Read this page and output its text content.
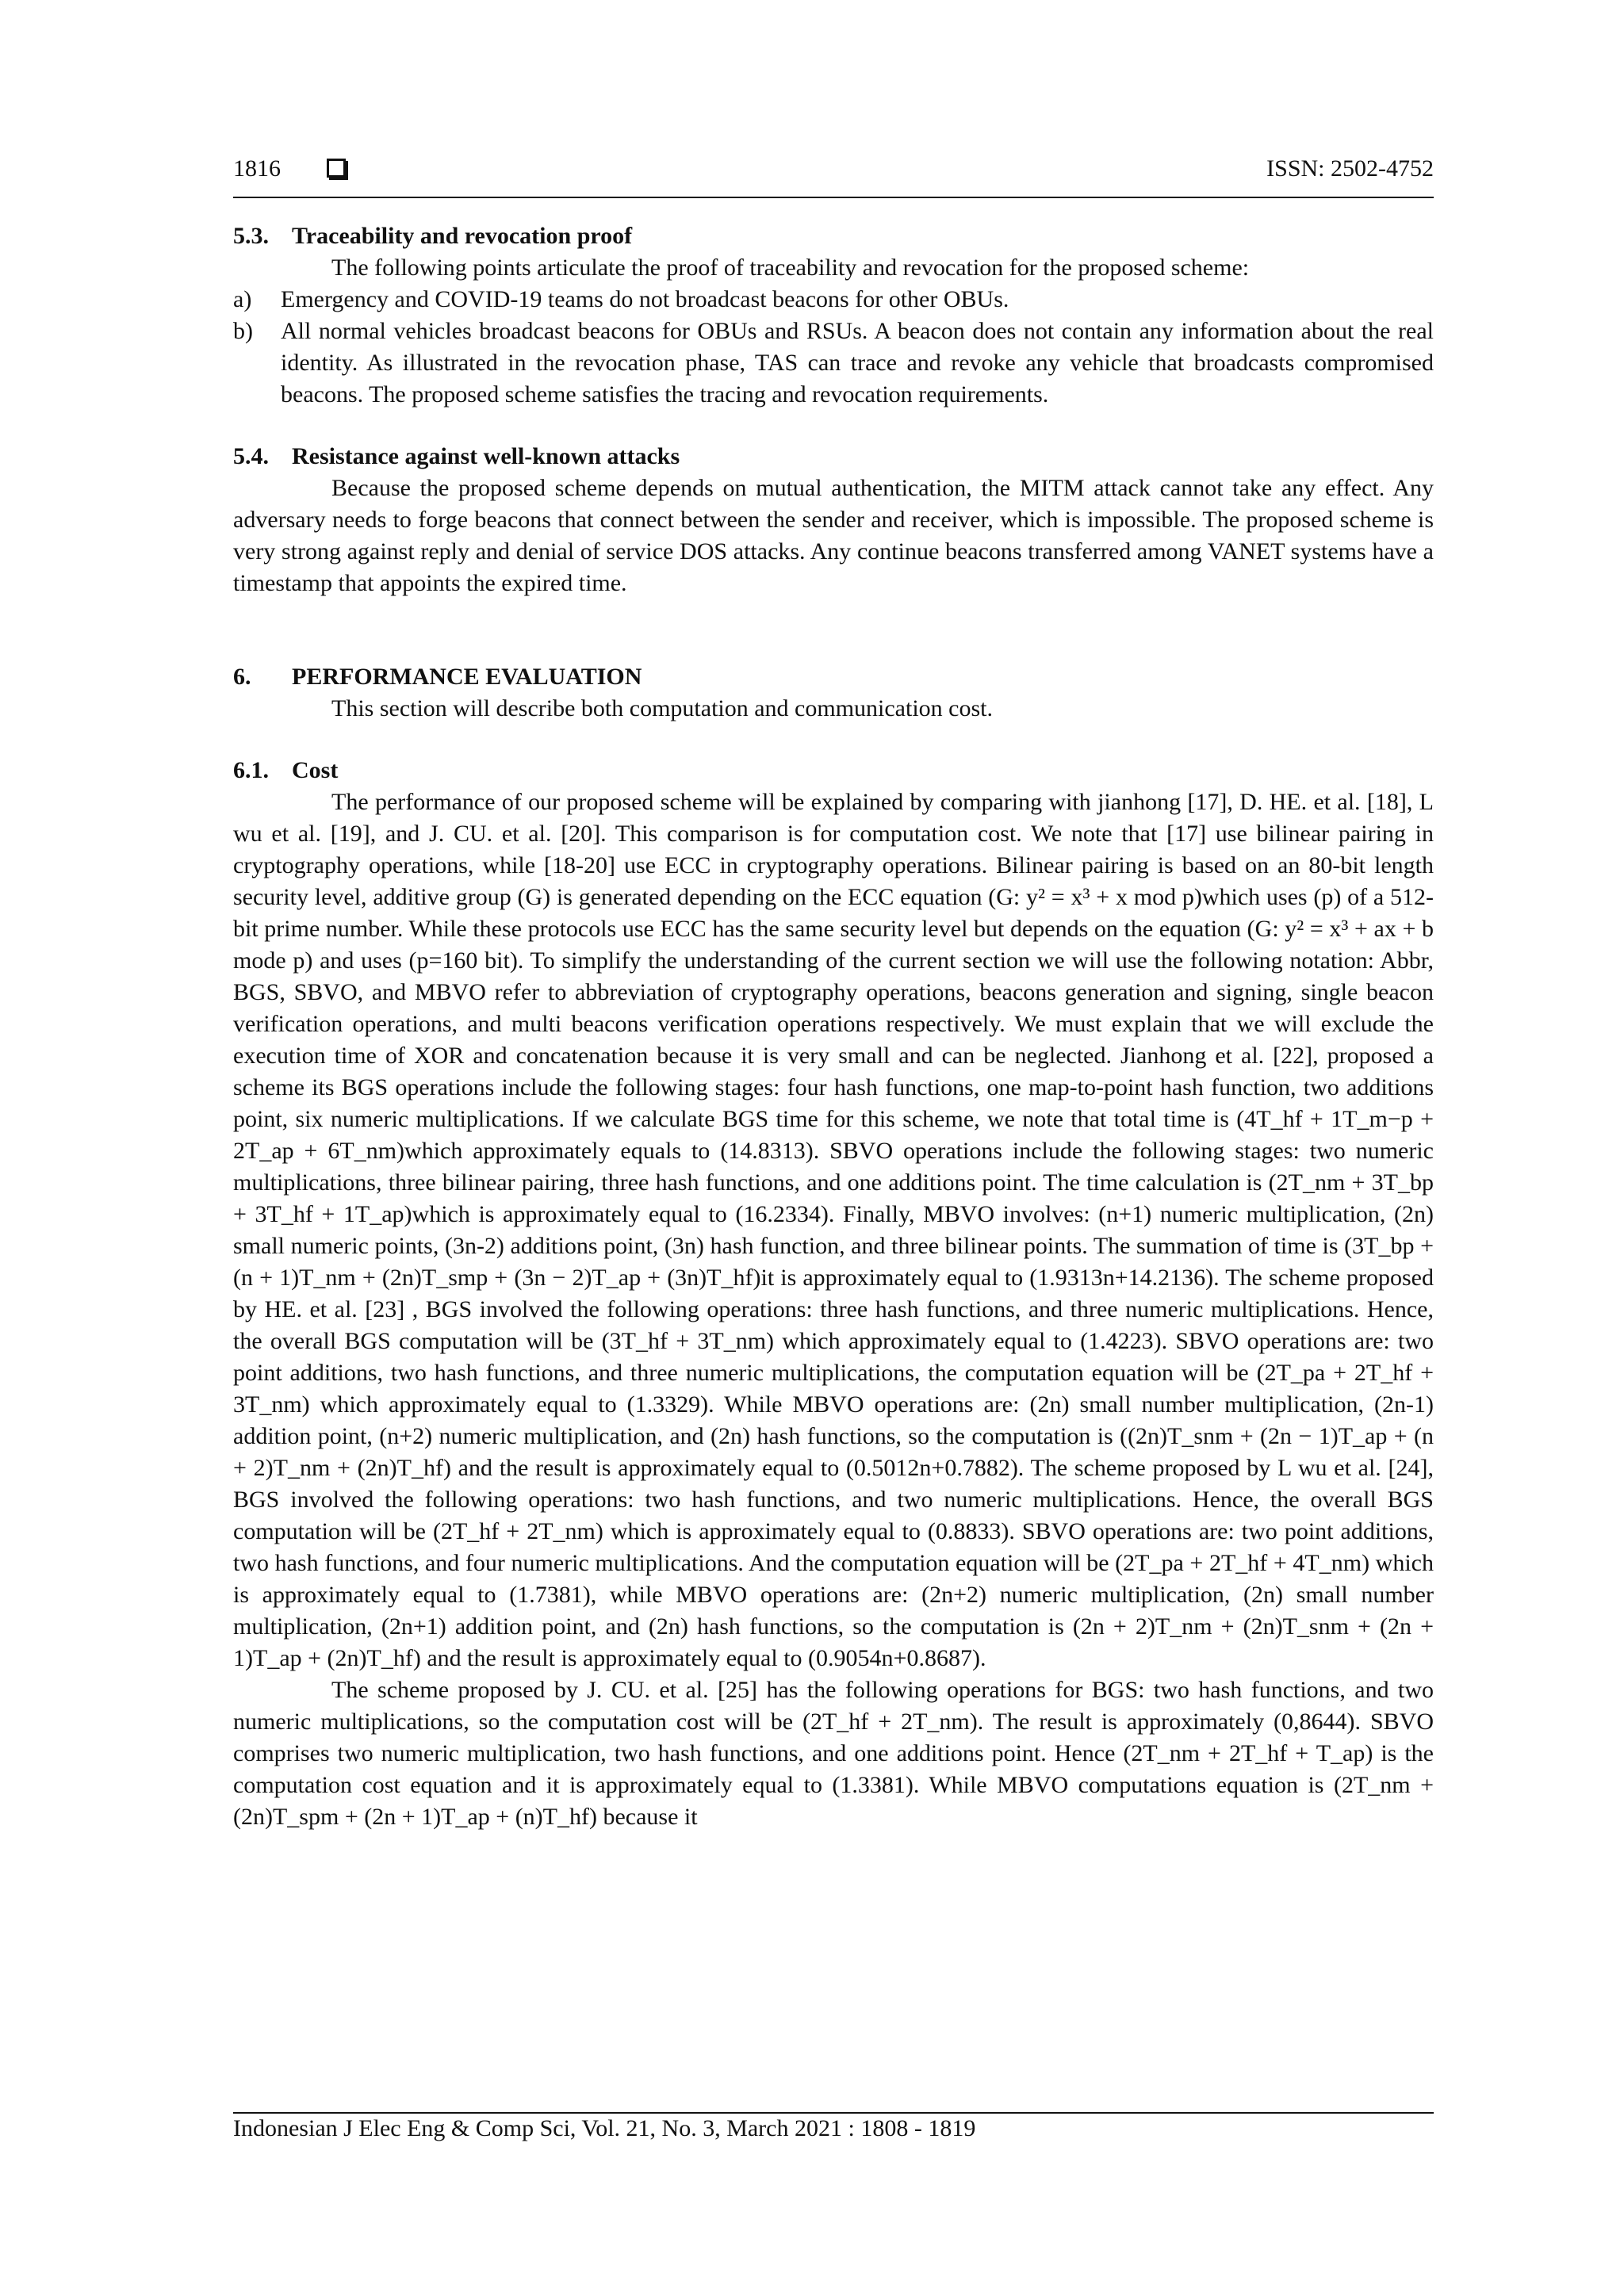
1816	ISSN: 2502-4752

5.3. Traceability and revocation proof

The following points articulate the proof of traceability and revocation for the proposed scheme:

a) Emergency and COVID-19 teams do not broadcast beacons for other OBUs.

b) All normal vehicles broadcast beacons for OBUs and RSUs. A beacon does not contain any information about the real identity. As illustrated in the revocation phase, TAS can trace and revoke any vehicle that broadcasts compromised beacons. The proposed scheme satisfies the tracing and revocation requirements.

5.4. Resistance against well-known attacks

Because the proposed scheme depends on mutual authentication, the MITM attack cannot take any effect. Any adversary needs to forge beacons that connect between the sender and receiver, which is impossible. The proposed scheme is very strong against reply and denial of service DOS attacks. Any continue beacons transferred among VANET systems have a timestamp that appoints the expired time.

6. PERFORMANCE EVALUATION

This section will describe both computation and communication cost.

6.1. Cost

The performance of our proposed scheme will be explained by comparing with jianhong [17], D. HE. et al. [18], L wu et al. [19], and J. CU. et al. [20]. This comparison is for computation cost. We note that [17] use bilinear pairing in cryptography operations, while [18-20] use ECC in cryptography operations. Bilinear pairing is based on an 80-bit length security level, additive group (G) is generated depending on the ECC equation (G: y² = x³ + x mod p)which uses (p) of a 512-bit prime number. While these protocols use ECC has the same security level but depends on the equation (G: y² = x³ + ax + b mode p) and uses (p=160 bit). To simplify the understanding of the current section we will use the following notation: Abbr, BGS, SBVO, and MBVO refer to abbreviation of cryptography operations, beacons generation and signing, single beacon verification operations, and multi beacons verification operations respectively. We must explain that we will exclude the execution time of XOR and concatenation because it is very small and can be neglected. Jianhong et al. [22], proposed a scheme its BGS operations include the following stages: four hash functions, one map-to-point hash function, two additions point, six numeric multiplications. If we calculate BGS time for this scheme, we note that total time is (4T_hf + 1T_m−p + 2T_ap + 6T_nm)which approximately equals to (14.8313). SBVO operations include the following stages: two numeric multiplications, three bilinear pairing, three hash functions, and one additions point. The time calculation is (2T_nm + 3T_bp + 3T_hf + 1T_ap)which is approximately equal to (16.2334). Finally, MBVO involves: (n+1) numeric multiplication, (2n) small numeric points, (3n-2) additions point, (3n) hash function, and three bilinear points. The summation of time is (3T_bp + (n + 1)T_nm + (2n)T_smp + (3n − 2)T_ap + (3n)T_hf)it is approximately equal to (1.9313n+14.2136). The scheme proposed by HE. et al. [23] , BGS involved the following operations: three hash functions, and three numeric multiplications. Hence, the overall BGS computation will be (3T_hf + 3T_nm) which approximately equal to (1.4223). SBVO operations are: two point additions, two hash functions, and three numeric multiplications, the computation equation will be (2T_pa + 2T_hf + 3T_nm) which approximately equal to (1.3329). While MBVO operations are: (2n) small number multiplication, (2n-1) addition point, (n+2) numeric multiplication, and (2n) hash functions, so the computation is ((2n)T_snm + (2n − 1)T_ap + (n + 2)T_nm + (2n)T_hf) and the result is approximately equal to (0.5012n+0.7882). The scheme proposed by L wu et al. [24], BGS involved the following operations: two hash functions, and two numeric multiplications. Hence, the overall BGS computation will be (2T_hf + 2T_nm) which is approximately equal to (0.8833). SBVO operations are: two point additions, two hash functions, and four numeric multiplications. And the computation equation will be (2T_pa + 2T_hf + 4T_nm) which is approximately equal to (1.7381), while MBVO operations are: (2n+2) numeric multiplication, (2n) small number multiplication, (2n+1) addition point, and (2n) hash functions, so the computation is (2n + 2)T_nm + (2n)T_snm + (2n + 1)T_ap + (2n)T_hf) and the result is approximately equal to (0.9054n+0.8687).

The scheme proposed by J. CU. et al. [25] has the following operations for BGS: two hash functions, and two numeric multiplications, so the computation cost will be (2T_hf + 2T_nm). The result is approximately (0,8644). SBVO comprises two numeric multiplication, two hash functions, and one additions point. Hence (2T_nm + 2T_hf + T_ap) is the computation cost equation and it is approximately equal to (1.3381). While MBVO computations equation is (2T_nm + (2n)T_spm + (2n + 1)T_ap + (n)T_hf) because it

Indonesian J Elec Eng & Comp Sci, Vol. 21, No. 3, March 2021 : 1808 - 1819
